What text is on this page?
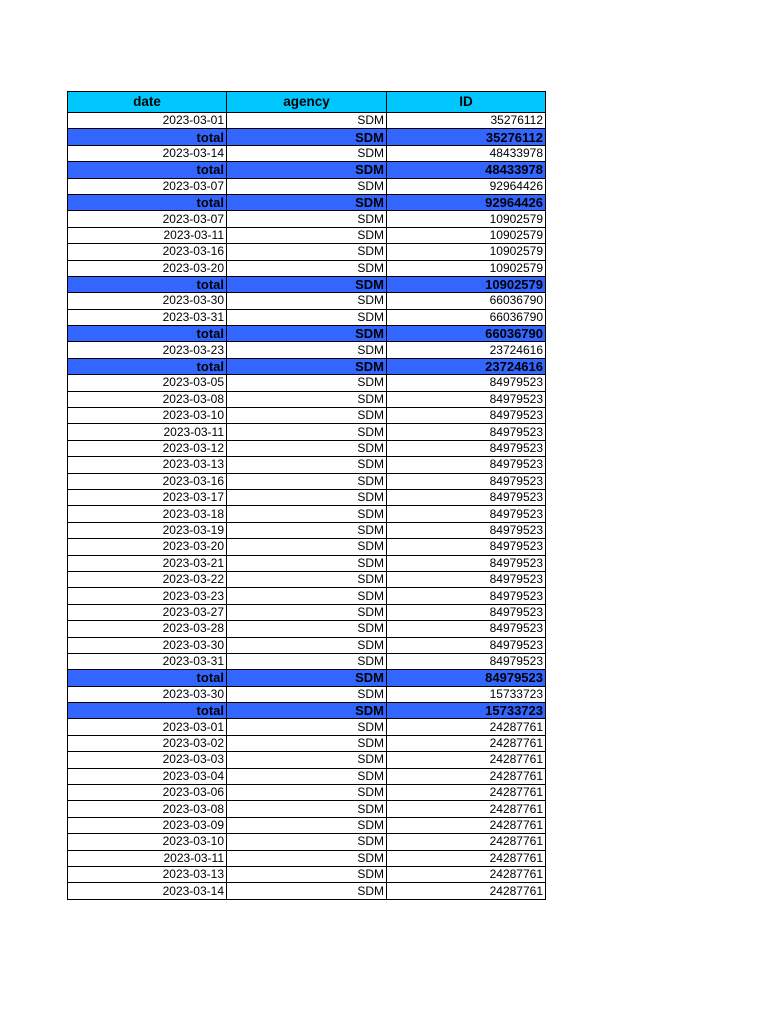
date	agency	ID
2023-03-01	SDM	35276112
total	SDM	35276112
2023-03-14	SDM	48433978
total	SDM	48433978
2023-03-07	SDM	92964426
total	SDM	92964426
2023-03-07	SDM	10902579
2023-03-11	SDM	10902579
2023-03-16	SDM	10902579
2023-03-20	SDM	10902579
total	SDM	10902579
2023-03-30	SDM	66036790
2023-03-31	SDM	66036790
total	SDM	66036790
2023-03-23	SDM	23724616
total	SDM	23724616
2023-03-05	SDM	84979523
2023-03-08	SDM	84979523
2023-03-10	SDM	84979523
2023-03-11	SDM	84979523
2023-03-12	SDM	84979523
2023-03-13	SDM	84979523
2023-03-16	SDM	84979523
2023-03-17	SDM	84979523
2023-03-18	SDM	84979523
2023-03-19	SDM	84979523
2023-03-20	SDM	84979523
2023-03-21	SDM	84979523
2023-03-22	SDM	84979523
2023-03-23	SDM	84979523
2023-03-27	SDM	84979523
2023-03-28	SDM	84979523
2023-03-30	SDM	84979523
2023-03-31	SDM	84979523
total	SDM	84979523
2023-03-30	SDM	15733723
total	SDM	15733723
2023-03-01	SDM	24287761
2023-03-02	SDM	24287761
2023-03-03	SDM	24287761
2023-03-04	SDM	24287761
2023-03-06	SDM	24287761
2023-03-08	SDM	24287761
2023-03-09	SDM	24287761
2023-03-10	SDM	24287761
2023-03-11	SDM	24287761
2023-03-13	SDM	24287761
2023-03-14	SDM	24287761
